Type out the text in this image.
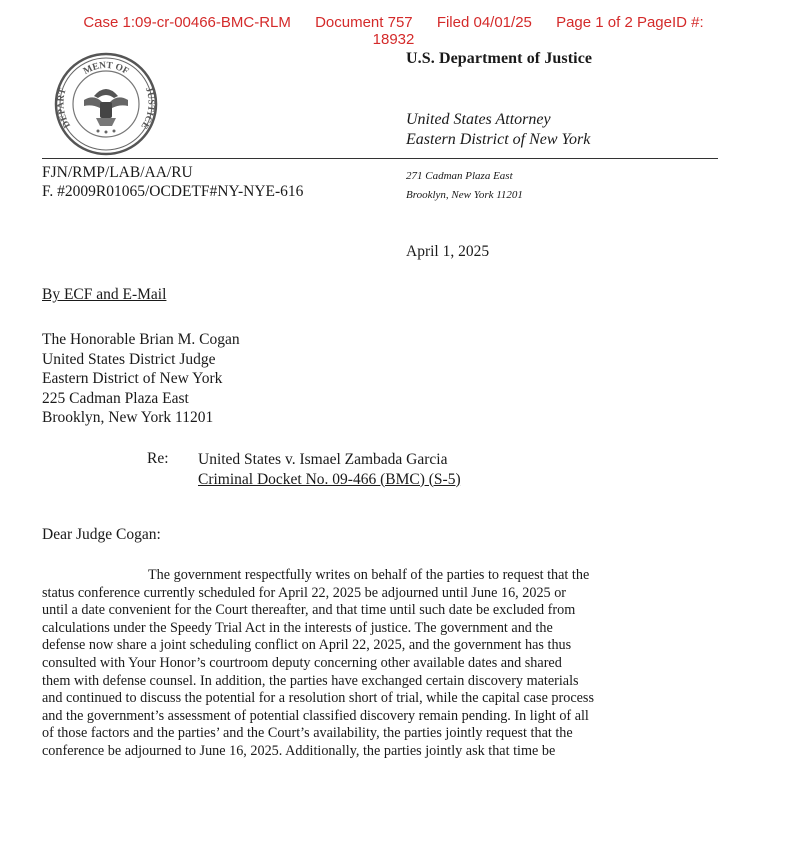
Case 1:09-cr-00466-BMC-RLM Document 757 Filed 04/01/25 Page 1 of 2 PageID #:
18932
MENT OF
DEPART	JUSTICE
U.S. Department of Justice
United States Attorney
Eastern District of New York
FJN/RMP/LAB/AA/RU
F. #2009R01065/OCDETF#NY-NYE-616
271 Cadman Plaza East
Brooklyn, New York 11201
April 1, 2025
By ECF and E-Mail
The Honorable Brian M. Cogan
United States District Judge
Eastern District of New York
225 Cadman Plaza East
Brooklyn, New York 11201
Re: United States v. Ismael Zambada Garcia
Criminal Docket No. 09-466 (BMC) (S-5)
Dear Judge Cogan:
The government respectfully writes on behalf of the parties to request that the
status conference currently scheduled for April 22, 2025 be adjourned until June 16, 2025 or
until a date convenient for the Court thereafter, and that time until such date be excluded from
calculations under the Speedy Trial Act in the interests of justice. The government and the
defense now share a joint scheduling conflict on April 22, 2025, and the government has thus
consulted with Your Honor’s courtroom deputy concerning other available dates and shared
them with defense counsel. In addition, the parties have exchanged certain discovery materials
and continued to discuss the potential for a resolution short of trial, while the capital case process
and the government’s assessment of potential classified discovery remain pending. In light of all
of those factors and the parties’ and the Court’s availability, the parties jointly request that the
conference be adjourned to June 16, 2025. Additionally, the parties jointly ask that time be
